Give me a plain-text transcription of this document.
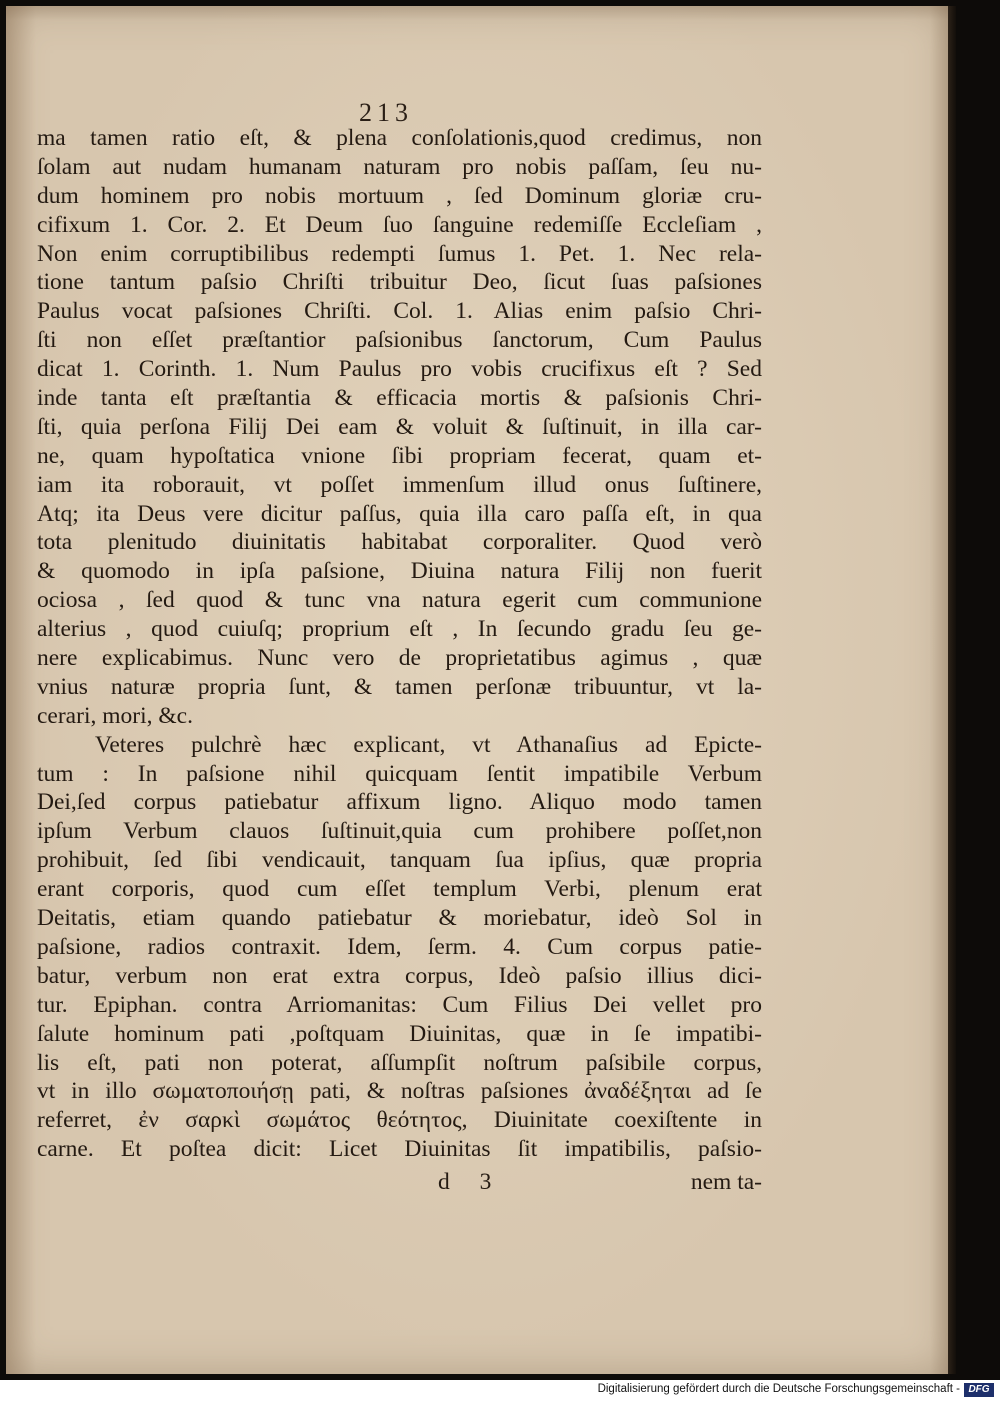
213
ma tamen ratio eſt, & plena conſolationis,quod credimus, non
ſolam aut nudam humanam naturam pro nobis paſſam, ſeu nu-
dum hominem pro nobis mortuum , ſed Dominum gloriæ cru-
cifixum 1. Cor. 2. Et Deum ſuo ſanguine redemiſſe Eccleſiam ,
Non enim corruptibilibus redempti ſumus 1. Pet. 1. Nec rela-
tione tantum paſsio Chriſti tribuitur Deo, ſicut ſuas paſsiones
Paulus vocat paſsiones Chriſti. Col. 1. Alias enim paſsio Chri-
ſti non eſſet præſtantior paſsionibus ſanctorum, Cum Paulus
dicat 1. Corinth. 1. Num Paulus pro vobis crucifixus eſt ? Sed
inde tanta eſt præſtantia & efficacia mortis & paſsionis Chri-
ſti, quia perſona Filij Dei eam & voluit & ſuſtinuit, in illa car-
ne, quam hypoſtatica vnione ſibi propriam fecerat, quam et-
iam ita roborauit, vt poſſet immenſum illud onus ſuſtinere,
Atq; ita Deus vere dicitur paſſus, quia illa caro paſſa eſt, in qua
tota plenitudo diuinitatis habitabat corporaliter. Quod verò
& quomodo in ipſa paſsione, Diuina natura Filij non fuerit
ociosa , ſed quod & tunc vna natura egerit cum communione
alterius , quod cuiuſq; proprium eſt , In ſecundo gradu ſeu ge-
nere explicabimus. Nunc vero de proprietatibus agimus , quæ
vnius naturæ propria ſunt, & tamen perſonæ tribuuntur, vt la-
cerari, mori, &c.
Veteres pulchrè hæc explicant, vt Athanaſius ad Epicte-
tum : In paſsione nihil quicquam ſentit impatibile Verbum
Dei,ſed corpus patiebatur affixum ligno. Aliquo modo tamen
ipſum Verbum clauos ſuſtinuit,quia cum prohibere poſſet,non
prohibuit, ſed ſibi vendicauit, tanquam ſua ipſius, quæ propria
erant corporis, quod cum eſſet templum Verbi, plenum erat
Deitatis, etiam quando patiebatur & moriebatur, ideò Sol in
paſsione, radios contraxit. Idem, ſerm. 4. Cum corpus patie-
batur, verbum non erat extra corpus, Ideò paſsio illius dici-
tur. Epiphan. contra Arriomanitas: Cum Filius Dei vellet pro
ſalute hominum pati ,poſtquam Diuinitas, quæ in ſe impatibi-
lis eſt, pati non poterat, aſſumpſit noſtrum paſsibile corpus,
vt in illo σωματοποιήσῃ pati, & noſtras paſsiones ἀναδέξηται ad ſe
referret, ἐν σαρκὶ σωμάτος θεότητος, Diuinitate coexiſtente in
carne. Et poſtea dicit: Licet Diuinitas ſit impatibilis, paſsio-
d 3	nem ta-
Digitalisierung gefördert durch die Deutsche Forschungsgemeinschaft - DFG
